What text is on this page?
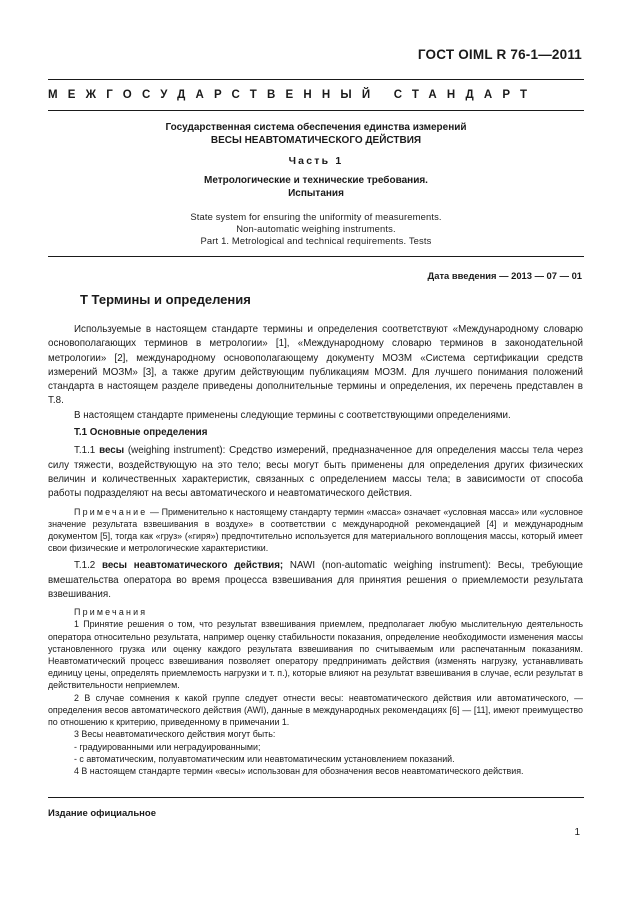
ГОСТ OIML R 76-1—2011
МЕЖГОСУДАРСТВЕННЫЙ СТАНДАРТ
Государственная система обеспечения единства измерений
ВЕСЫ НЕАВТОМАТИЧЕСКОГО ДЕЙСТВИЯ
Часть 1
Метрологические и технические требования.
Испытания
State system for ensuring the uniformity of measurements.
Non-automatic weighing instruments.
Part 1. Metrological and technical requirements. Tests
Дата введения — 2013 — 07 — 01
Т Термины и определения

Используемые в настоящем стандарте термины и определения соответствуют «Международному словарю основополагающих терминов в метрологии» [1], «Международному словарю терминов в законодательной метрологии» [2], международному основополагающему документу МОЗМ «Система сертификации средств измерений МОЗМ» [3], а также другим действующим публикациям МОЗМ. Для лучшего понимания положений стандарта в настоящем разделе приведены дополнительные термины и определения, их перечень представлен в Т.8.

В настоящем стандарте применены следующие термины с соответствующими определениями.

Т.1 Основные определения

Т.1.1 весы (weighing instrument): Средство измерений, предназначенное для определения массы тела через силу тяжести, воздействующую на это тело; весы могут быть применены для определения других физических величин и количественных характеристик, связанных с определением массы тела; в зависимости от способа работы подразделяют на весы автоматического и неавтоматического действия.

Примечание — Применительно к настоящему стандарту термин «масса» означает «условная масса» или «условное значение результата взвешивания в воздухе» в соответствии с международной рекомендацией [4] и международным документом [5], тогда как «груз» («гиря») предпочтительно используется для материального воплощения массы, который имеет свои физические и метрологические характеристики.

Т.1.2 весы неавтоматического действия; NAWI (non-automatic weighing instrument): Весы, требующие вмешательства оператора во время процесса взвешивания для принятия решения о приемлемости результата взвешивания.

Примечания

1 Принятие решения о том, что результат взвешивания приемлем, предполагает любую мыслительную деятельность оператора относительно результата, например оценку стабильности показания, определение необходимости изменения массы установленного грузка или оценку каждого результата взвешивания по считываемым или распечатанным показаниям. Неавтоматический процесс взвешивания позволяет оператору предпринимать действия (изменять нагрузку, устанавливать единицу цены, определять приемлемость нагрузки и т. п.), которые влияют на результат взвешивания в случае, если результат в действительности неприемлем.

2 В случае сомнения к какой группе следует отнести весы: неавтоматического действия или автоматического, — определения весов автоматического действия (AWI), данные в международных рекомендациях [6] — [11], имеют преимущество по отношению к критерию, приведенному в примечании 1.

3 Весы неавтоматического действия могут быть:

- градуированными или неградуированными;

- с автоматическим, полуавтоматическим или неавтоматическим установлением показаний.

4 В настоящем стандарте термин «весы» использован для обозначения весов неавтоматического действия.

Издание официальное
1
